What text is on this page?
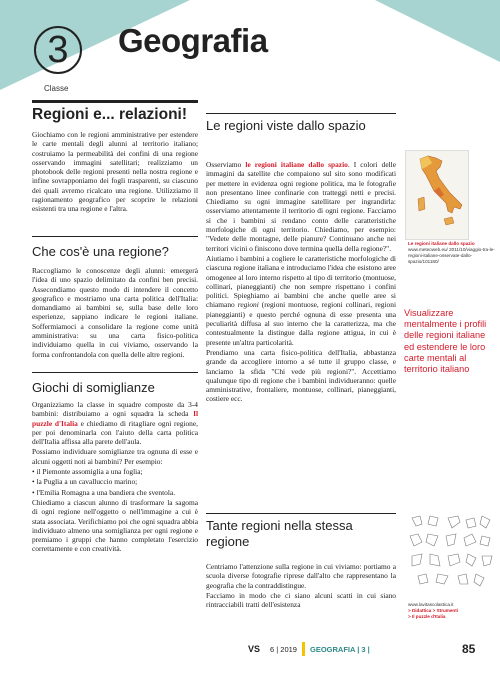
3
Classe
Geografia
Regioni e... relazioni!

Giochiamo con le regioni amministrative per estendere le carte mentali degli alunni al territorio italiano; costruiamo la permeabilità dei confini di una regione osservando immagini satellitari; realizziamo un photobook delle regioni presenti nella nostra regione e infine sovrapponiamo dei fogli trasparenti, su ciascuno dei quali avremo ricalcato una regione. Utilizziamo il ragionamento geografico per scoprire le relazioni esistenti tra una regione e l'altra.

Che cos'è una regione?

Raccogliamo le conoscenze degli alunni: emergerà l'idea di uno spazio delimitato da confini ben precisi. Assecondiamo questo modo di intendere il concetto geografico e mostriamo una carta politica dell'Italia: domandiamo ai bambini se, sulla base delle loro esperienze, sappiano indicare le regioni italiane. Soffermiamoci a consolidare la regione come unità amministrativa: su una carta fisico-politica individuiamo quella in cui viviamo, osservando la forma confrontandola con quella delle altre regioni.

Giochi di somiglianze

Organizziamo la classe in squadre composte da 3-4 bambini: distribuiamo a ogni squadra la scheda Il puzzle d'Italia e chiediamo di ritagliare ogni regione, per poi denominarla con l'aiuto della carta politica dell'Italia affissa alla parete dell'aula.

Possiamo individuare somiglianze tra ognuna di esse e alcuni oggetti noti ai bambini? Per esempio:

• il Piemonte assomiglia a una foglia;

• la Puglia a un cavalluccio marino;

• l'Emilia Romagna a una bandiera che sventola.

Chiediamo a ciascun alunno di trasformare la sagoma di ogni regione nell'oggetto o nell'immagine a cui è stata associata. Verifichiamo poi che ogni squadra abbia individuato almeno una somiglianza per ogni regione e premiamo i gruppi che hanno completato l'esercizio correttamente e con creatività.

Le regioni viste dallo spazio

Osserviamo le regioni italiane dallo spazio. I colori delle immagini da satellite che compaiono sul sito sono modificati per mettere in evidenza ogni regione politica, ma le fotografie non presentano linee confinarie con tratteggi netti e precisi. Chiediamo su ogni immagine satellitare per ingrandirla: osserviamo attentamente il territorio di ogni regione. Facciamo sì che i bambini si rendano conto delle caratteristiche morfologiche di ogni territorio. Chiediamo, per esempio: "Vedete delle montagne, delle pianure? Continuano anche nei territori vicini o finiscono dove termina quella della regione?".

Aiutiamo i bambini a cogliere le caratteristiche morfologiche di ciascuna regione italiana e introduciamo l'idea che esistono aree omogenee al loro interno rispetto al tipo di territorio (montuose, collinari, pianeggianti) che non sempre rispettano i confini politici. Spieghiamo ai bambini che anche quelle aree si chiamano regioni (regioni montuose, regioni collinari, regioni pianeggianti) e questo perché ognuna di esse presenta una peculiarità diffusa al suo interno che la caratterizza, ma che contestualmente la distingue dalla regione attigua, in cui è presente un'altra particolarità.

Prendiamo una carta fisico-politica dell'Italia, abbastanza grande da accogliere intorno a sé tutte il gruppo classe, e lanciamo la sfida "Chi vede più regioni?". Accettiamo qualunque tipo di regione che i bambini individueranno: quelle amministrative, frontaliere, montuose, collinari, pianeggianti, costiere ecc.

Tante regioni nella stessa regione

Centriamo l'attenzione sulla regione in cui viviamo: portiamo a scuola diverse fotografie riprese dall'alto che rappresentano la geografia che la contraddistingue.

Facciamo in modo che ci siano alcuni scatti in cui siano rintracciabili tratti dell'esistenza

Le regioni italiane dallo spazio
www.meteoweb.eu/ 2011/10/viaggio-tra-le-regioni-italiane-osservate-dallo-spazio/101180/

Visualizzare mentalmente i profili delle regioni italiane ed estendere le loro carte mentali al territorio italiano

www.lavitascolastica.it
> Didattica > Strumenti
> Il puzzle d'Italia
VS 6 | 2019 GEOGRAFIA | 3 |	85
